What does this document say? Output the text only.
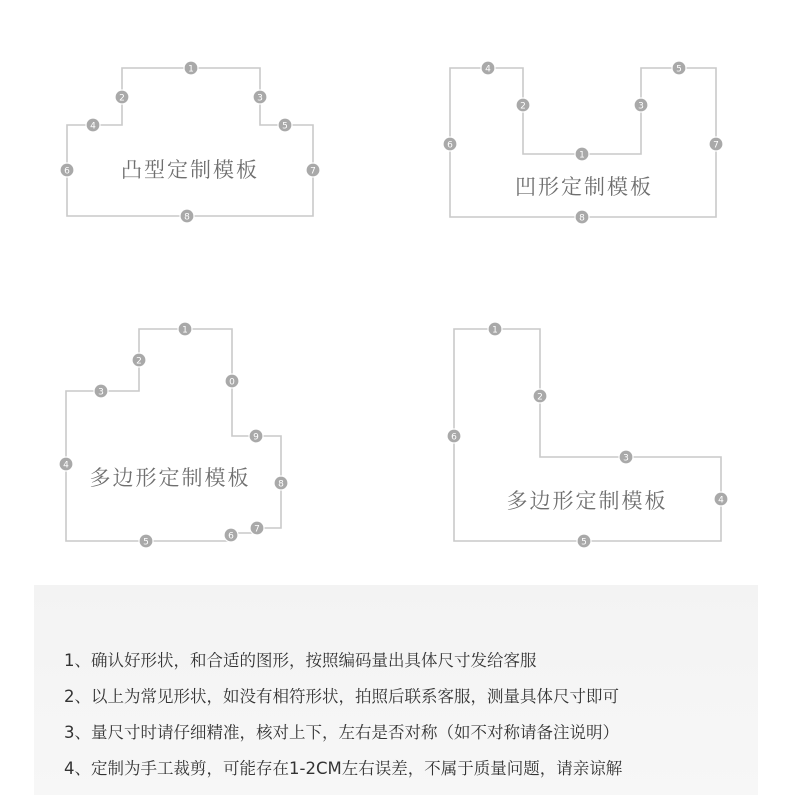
1
2	3
4	5
6	7
8
凸型定制模板
4
2
5
3
1
6	7
8
凹形定制模板
1
2
3
0
9
4
8
7
6
5
多边形定制模板
1
2
6
3
4
5
多边形定制模板
1、确认好形状，和合适的图形，按照编码量出具体尺寸发给客服
2、以上为常见形状，如没有相符形状，拍照后联系客服，测量具体尺寸即可
3、量尺寸时请仔细精准，核对上下，左右是否对称（如不对称请备注说明）
4、定制为手工裁剪，可能存在1-2CM左右误差，不属于质量问题，请亲谅解
